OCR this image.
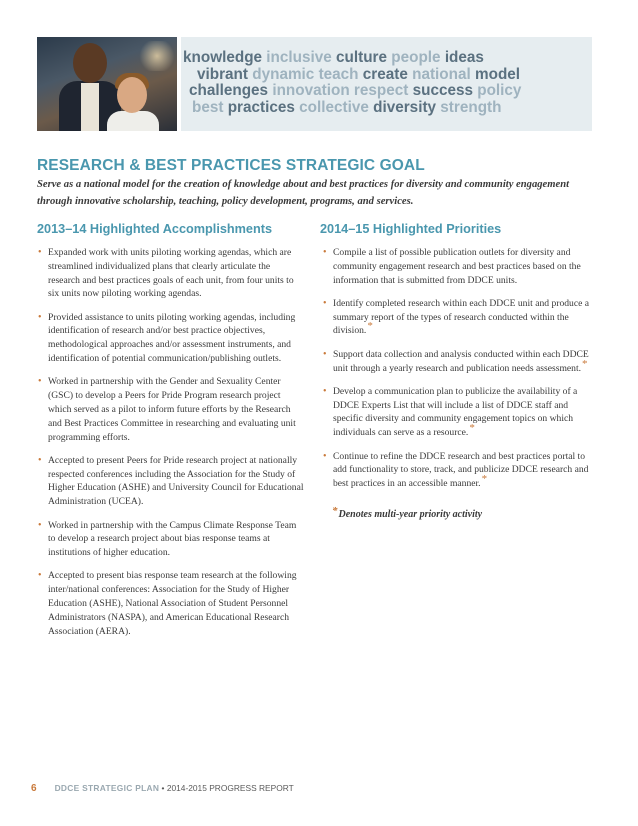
knowledge inclusive culture people ideas
vibrant dynamic teach create national model
challenges innovation respect success policy
best practices collective diversity strength
RESEARCH & BEST PRACTICES STRATEGIC GOAL

Serve as a national model for the creation of knowledge about and best practices for diversity and community engagement through innovative scholarship, teaching, policy development, programs, and services.

2013–14 Highlighted Accomplishments
• Expanded work with units piloting working agendas, which are streamlined individualized plans that clearly articulate the research and best practices goals of each unit, from four units to six units now piloting working agendas.
• Provided assistance to units piloting working agendas, including identification of research and/or best practice objectives, methodological approaches and/or assessment instruments, and identification of potential communication/publishing outlets.
• Worked in partnership with the Gender and Sexuality Center (GSC) to develop a Peers for Pride Program research project which served as a pilot to inform future efforts by the Research and Best Practices Committee in researching and evaluating unit programming efforts.
• Accepted to present Peers for Pride research project at nationally respected conferences including the Association for the Study of Higher Education (ASHE) and University Council for Educational Administration (UCEA).
• Worked in partnership with the Campus Climate Response Team to develop a research project about bias response teams at institutions of higher education.
• Accepted to present bias response team research at the following inter/national conferences: Association for the Study of Higher Education (ASHE), National Association of Student Personnel Administrators (NASPA), and American Educational Research Association (AERA).
2014–15 Highlighted Priorities
• Compile a list of possible publication outlets for diversity and community engagement research and best practices based on the information that is submitted from DDCE units.
• Identify completed research within each DDCE unit and produce a summary report of the types of research conducted within the division.*
• Support data collection and analysis conducted within each DDCE unit through a yearly research and publication needs assessment.*
• Develop a communication plan to publicize the availability of a DDCE Experts List that will include a list of DDCE staff and specific diversity and community engagement topics on which individuals can serve as a resource.*
• Continue to refine the DDCE research and best practices portal to add functionality to store, track, and publicize DDCE research and best practices in an accessible manner.*
*Denotes multi-year priority activity
6 DDCE STRATEGIC PLAN • 2014-2015 PROGRESS REPORT
